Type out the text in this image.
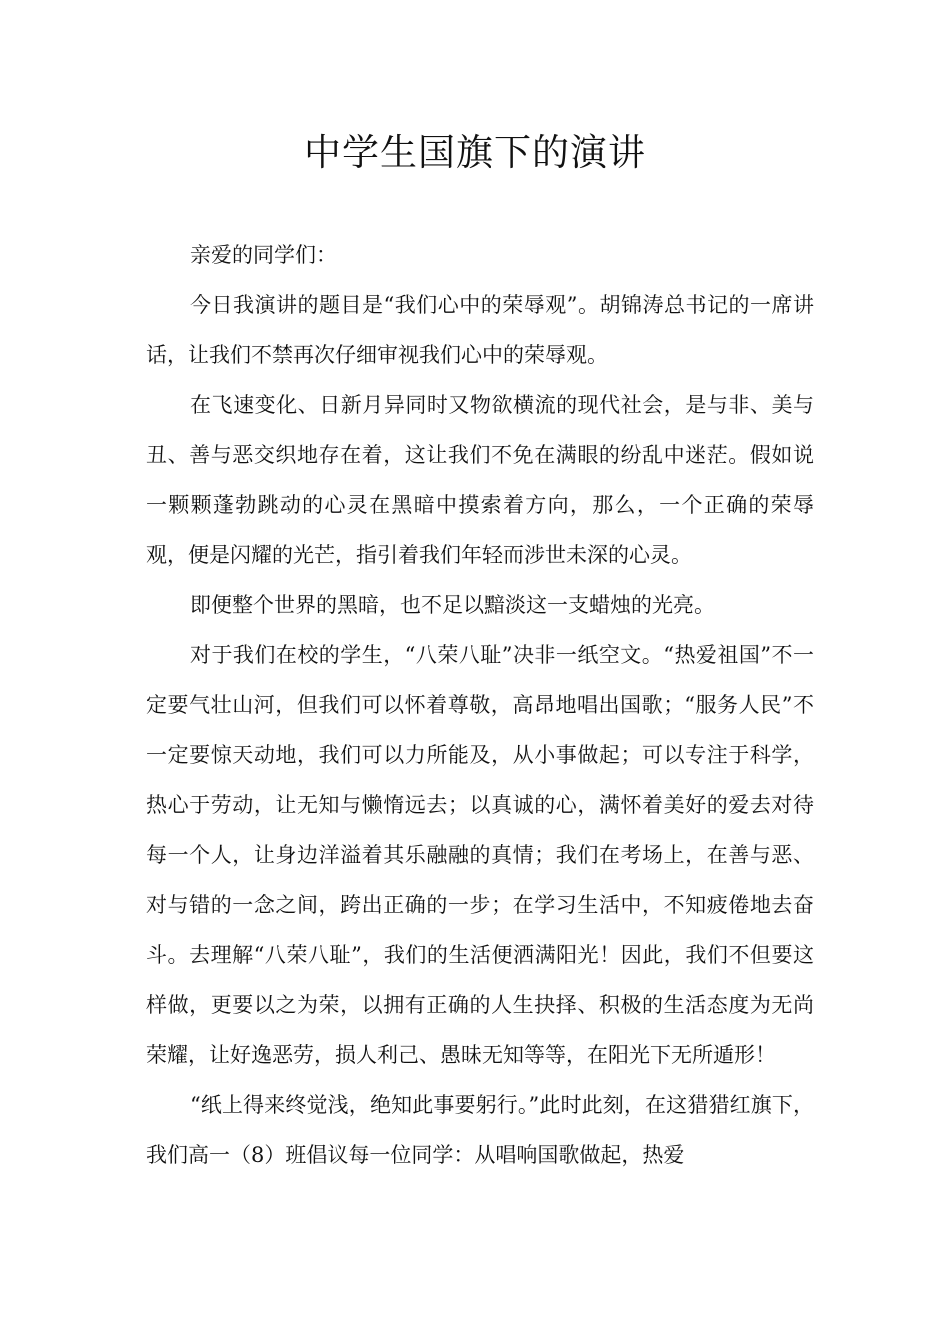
中学生国旗下的演讲

亲爱的同学们：

今日我演讲的题目是“我们心中的荣辱观”。胡锦涛总书记的一席讲话，让我们不禁再次仔细审视我们心中的荣辱观。

在飞速变化、日新月异同时又物欲横流的现代社会，是与非、美与丑、善与恶交织地存在着，这让我们不免在满眼的纷乱中迷茫。假如说一颗颗蓬勃跳动的心灵在黑暗中摸索着方向，那么，一个正确的荣辱观，便是闪耀的光芒，指引着我们年轻而涉世未深的心灵。

即便整个世界的黑暗，也不足以黯淡这一支蜡烛的光亮。

对于我们在校的学生，“八荣八耻”决非一纸空文。“热爱祖国”不一定要气壮山河，但我们可以怀着尊敬，高昂地唱出国歌；“服务人民”不一定要惊天动地，我们可以力所能及，从小事做起；可以专注于科学，热心于劳动，让无知与懒惰远去；以真诚的心，满怀着美好的爱去对待每一个人，让身边洋溢着其乐融融的真情；我们在考场上，在善与恶、对与错的一念之间，跨出正确的一步；在学习生活中，不知疲倦地去奋斗。去理解“八荣八耻”，我们的生活便洒满阳光！因此，我们不但要这样做，更要以之为荣，以拥有正确的人生抉择、积极的生活态度为无尚荣耀，让好逸恶劳，损人利己、愚昧无知等等，在阳光下无所遁形！

“纸上得来终觉浅，绝知此事要躬行。”此时此刻，在这猎猎红旗下，我们高一（8）班倡议每一位同学：从唱响国歌做起，热爱
